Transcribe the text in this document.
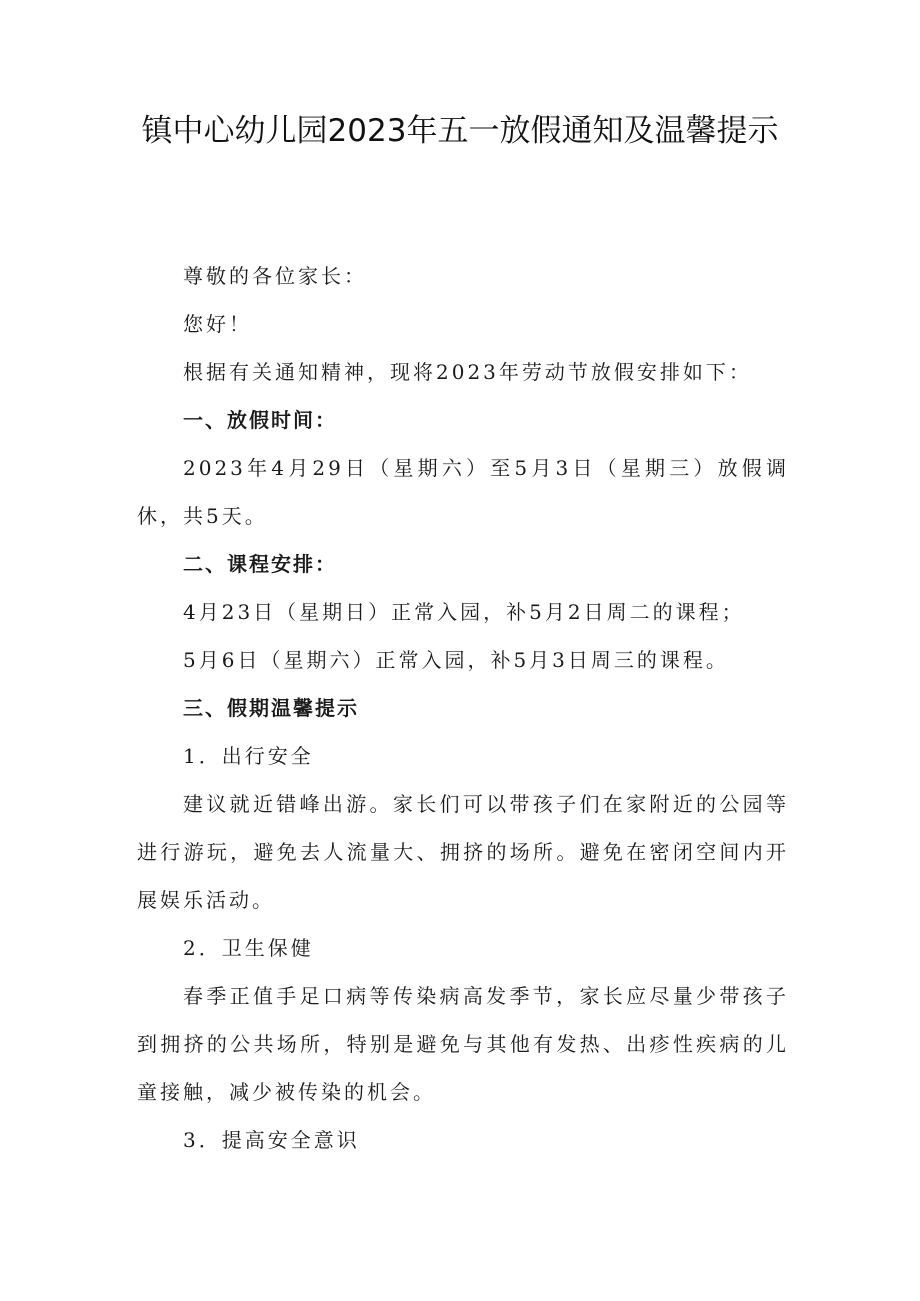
镇中心幼儿园2023年五一放假通知及温馨提示

尊敬的各位家长：

您好！

根据有关通知精神，现将2023年劳动节放假安排如下：

一、放假时间：

2023年4月29日（星期六）至5月3日（星期三）放假调休，共5天。

二、课程安排：

4月23日（星期日）正常入园，补5月2日周二的课程；

5月6日（星期六）正常入园，补5月3日周三的课程。

三、假期温馨提示

1．出行安全

建议就近错峰出游。家长们可以带孩子们在家附近的公园等进行游玩，避免去人流量大、拥挤的场所。避免在密闭空间内开展娱乐活动。

2．卫生保健

春季正值手足口病等传染病高发季节，家长应尽量少带孩子到拥挤的公共场所，特别是避免与其他有发热、出疹性疾病的儿童接触，减少被传染的机会。

3．提高安全意识
